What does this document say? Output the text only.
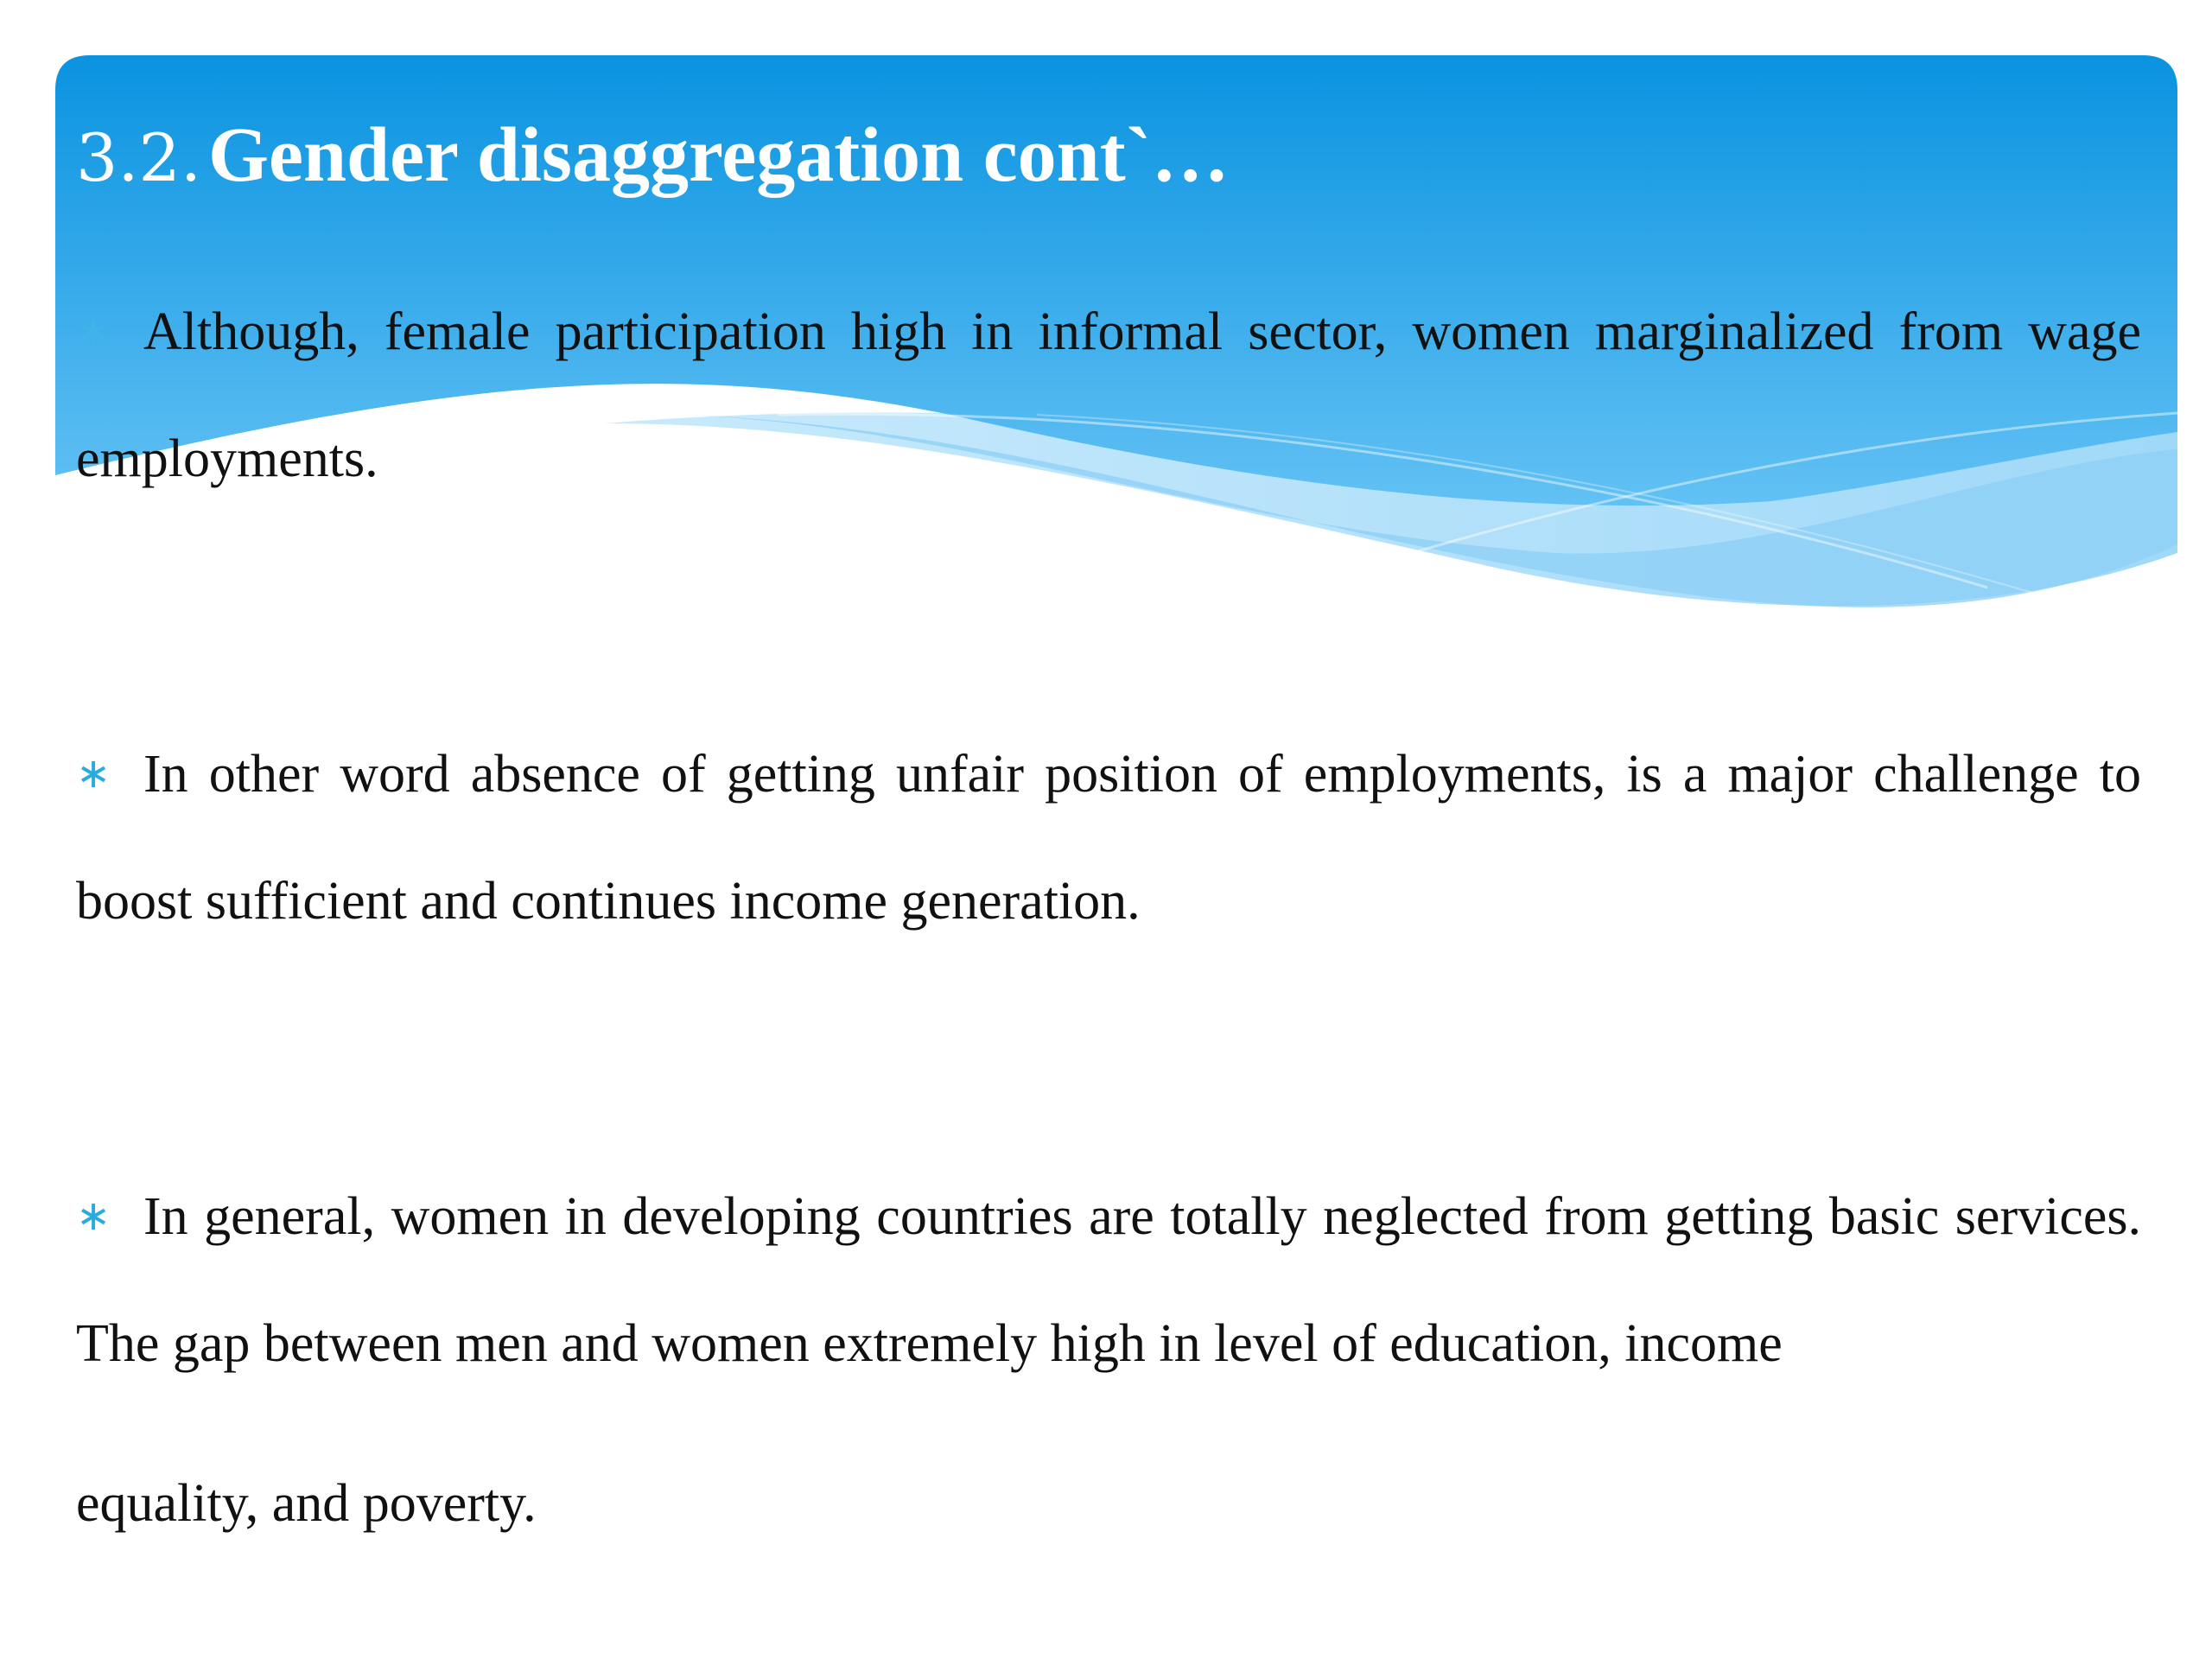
3.2. Gender disaggregation cont`…

∗ Although, female participation high in informal sector, women marginalized from wage employments.

∗ In other word absence of getting unfair position of employments, is a major challenge to boost sufficient and continues income generation.

∗ In general, women in developing countries are totally neglected from getting basic services. The gap between men and women extremely high in level of education, income
equality, and poverty.
